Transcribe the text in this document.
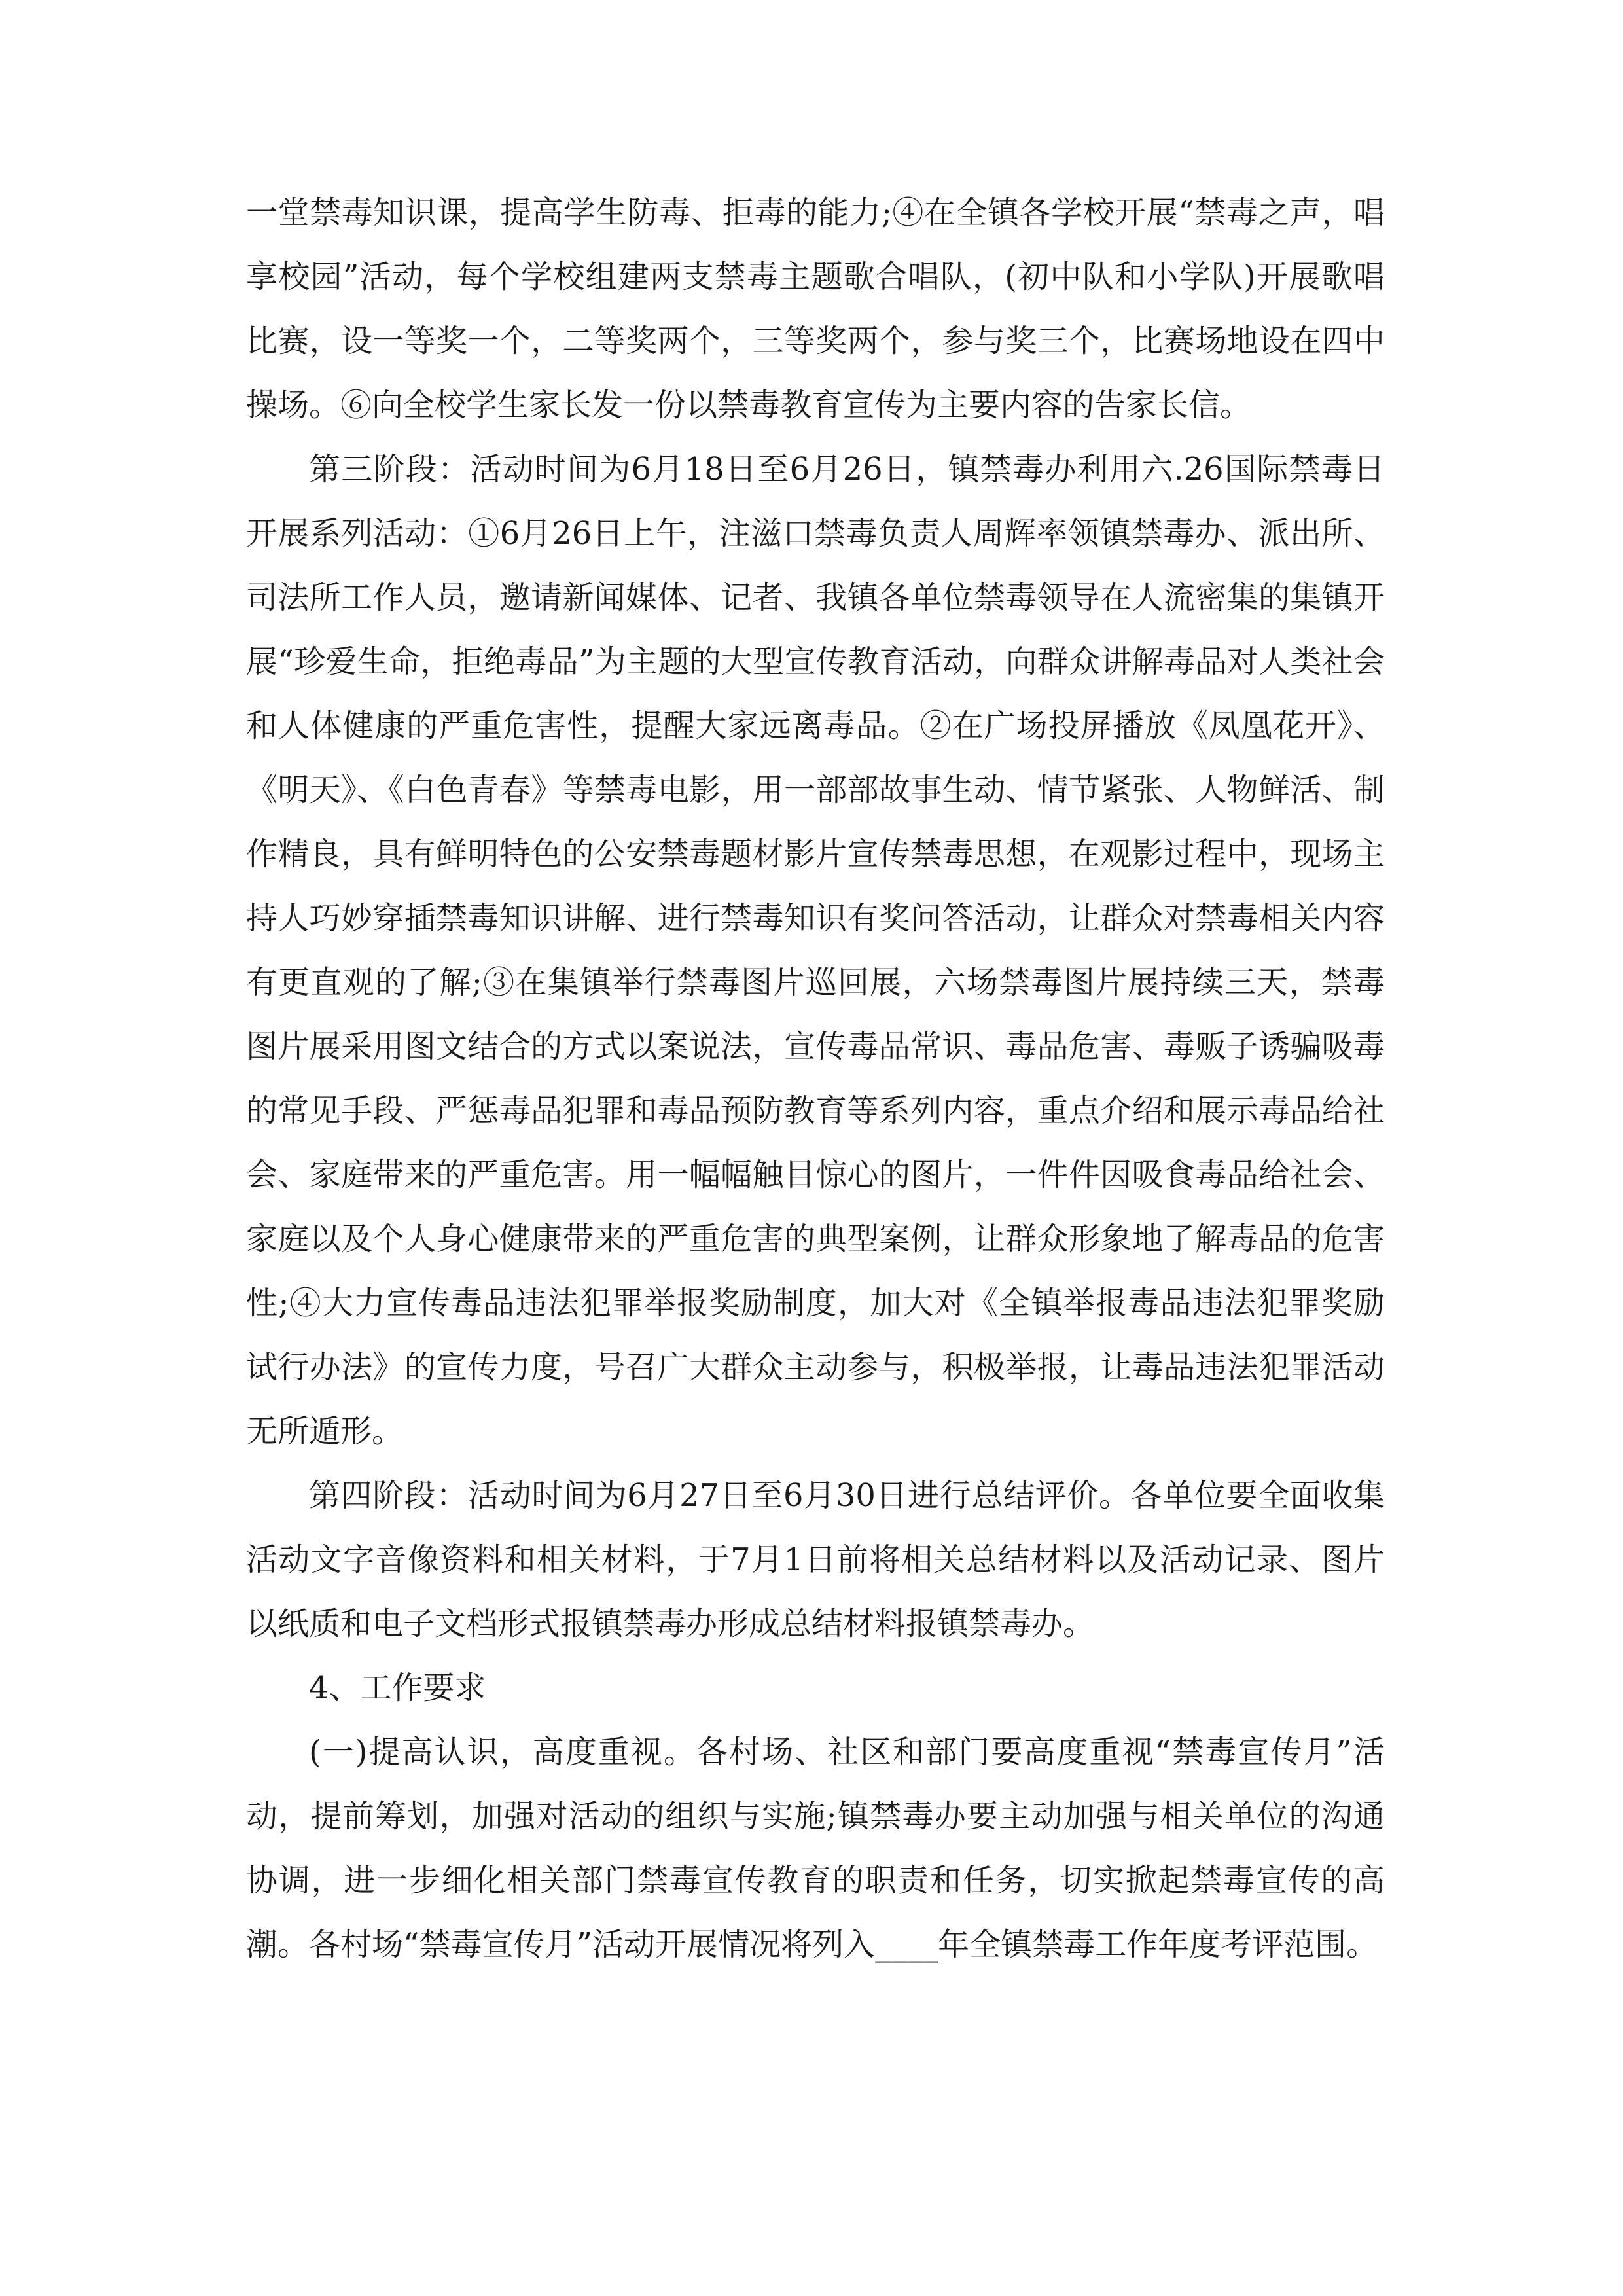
一堂禁毒知识课，提高学生防毒、拒毒的能力;④在全镇各学校开展“禁毒之声，唱享校园”活动，每个学校组建两支禁毒主题歌合唱队，(初中队和小学队)开展歌唱比赛，设一等奖一个，二等奖两个，三等奖两个，参与奖三个，比赛场地设在四中操场。⑥向全校学生家长发一份以禁毒教育宣传为主要内容的告家长信。

第三阶段：活动时间为6月18日至6月26日，镇禁毒办利用六.26国际禁毒日开展系列活动：①6月26日上午，注滋口禁毒负责人周辉率领镇禁毒办、派出所、司法所工作人员，邀请新闻媒体、记者、我镇各单位禁毒领导在人流密集的集镇开展“珍爱生命，拒绝毒品”为主题的大型宣传教育活动，向群众讲解毒品对人类社会和人体健康的严重危害性，提醒大家远离毒品。②在广场投屏播放《凤凰花开》、《明天》、《白色青春》等禁毒电影，用一部部故事生动、情节紧张、人物鲜活、制作精良，具有鲜明特色的公安禁毒题材影片宣传禁毒思想，在观影过程中，现场主持人巧妙穿插禁毒知识讲解、进行禁毒知识有奖问答活动，让群众对禁毒相关内容有更直观的了解;③在集镇举行禁毒图片巡回展，六场禁毒图片展持续三天，禁毒图片展采用图文结合的方式以案说法，宣传毒品常识、毒品危害、毒贩子诱骗吸毒的常见手段、严惩毒品犯罪和毒品预防教育等系列内容，重点介绍和展示毒品给社会、家庭带来的严重危害。用一幅幅触目惊心的图片，一件件因吸食毒品给社会、家庭以及个人身心健康带来的严重危害的典型案例，让群众形象地了解毒品的危害性;④大力宣传毒品违法犯罪举报奖励制度，加大对《全镇举报毒品违法犯罪奖励试行办法》的宣传力度，号召广大群众主动参与，积极举报，让毒品违法犯罪活动无所遁形。

第四阶段：活动时间为6月27日至6月30日进行总结评价。各单位要全面收集活动文字音像资料和相关材料，于7月1日前将相关总结材料以及活动记录、图片以纸质和电子文档形式报镇禁毒办形成总结材料报镇禁毒办。

4、工作要求

(一)提高认识，高度重视。各村场、社区和部门要高度重视“禁毒宣传月”活动，提前筹划，加强对活动的组织与实施;镇禁毒办要主动加强与相关单位的沟通协调，进一步细化相关部门禁毒宣传教育的职责和任务，切实掀起禁毒宣传的高潮。各村场“禁毒宣传月”活动开展情况将列入____年全镇禁毒工作年度考评范围。
